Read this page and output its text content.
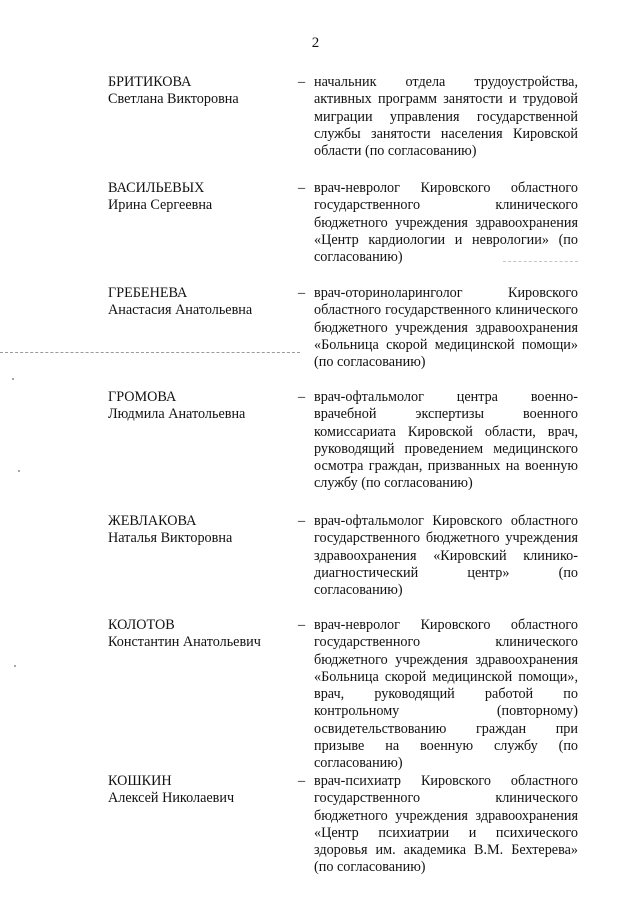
2
БРИТИКОВА
Светлана Викторовна
– начальник отдела трудоустройства, активных программ занятости и трудовой миграции управления государственной службы занятости населения Кировской области (по согласованию)
ВАСИЛЬЕВЫХ
Ирина Сергеевна
– врач-невролог Кировского областного государственного клинического бюджетного учреждения здравоохранения «Центр кардиологии и неврологии» (по согласованию)
ГРЕБЕНЕВА
Анастасия Анатольевна
– врач-оториноларинголог Кировского областного государственного клинического бюджетного учреждения здравоохранения «Больница скорой медицинской помощи» (по согласованию)
ГРОМОВА
Людмила Анатольевна
– врач-офтальмолог центра военно-врачебной экспертизы военного комиссариата Кировской области, врач, руководящий проведением медицинского осмотра граждан, призванных на военную службу (по согласованию)
ЖЕВЛАКОВА
Наталья Викторовна
– врач-офтальмолог Кировского областного государственного бюджетного учреждения здравоохранения «Кировский клинико-диагностический центр» (по согласованию)
КОЛОТОВ
Константин Анатольевич
– врач-невролог Кировского областного государственного клинического бюджетного учреждения здравоохранения «Больница скорой медицинской помощи», врач, руководящий работой по контрольному (повторному) освидетельствованию граждан при призыве на военную службу (по согласованию)
КОШКИН
Алексей Николаевич
– врач-психиатр Кировского областного государственного клинического бюджетного учреждения здравоохранения «Центр психиатрии и психического здоровья им. академика В.М. Бехтерева» (по согласованию)
